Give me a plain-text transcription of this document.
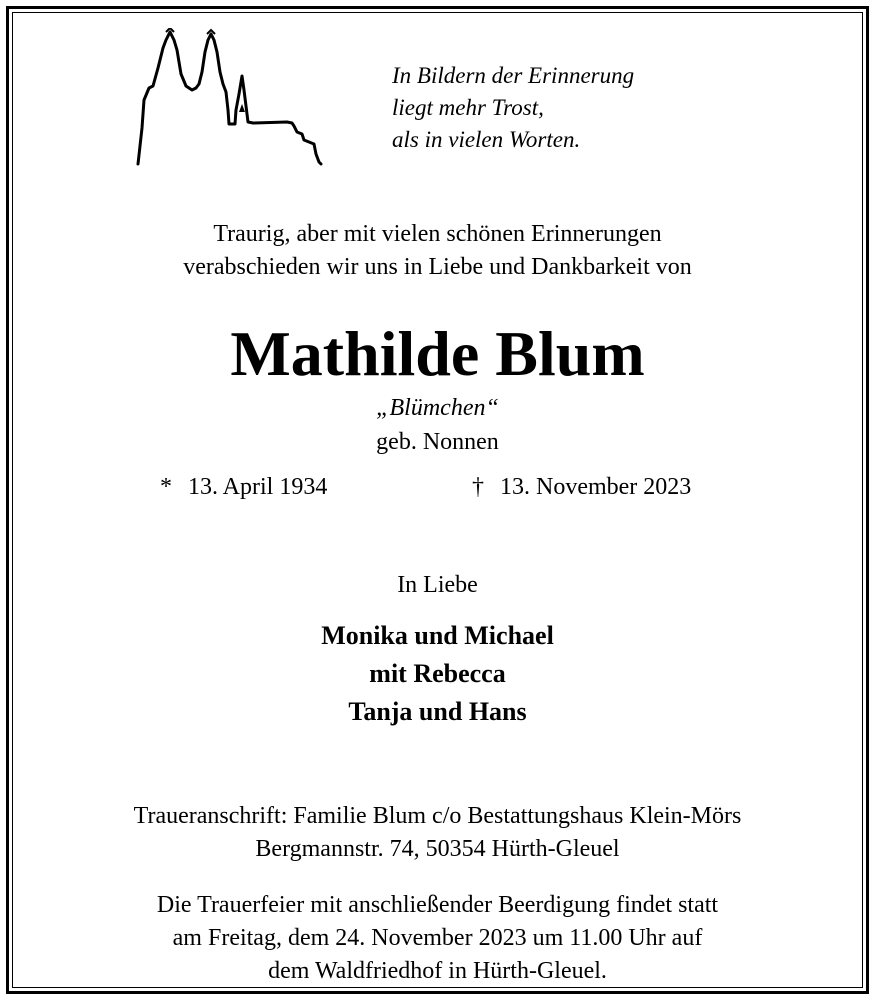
In Bildern der Erinnerung
liegt mehr Trost,
als in vielen Worten.
Traurig, aber mit vielen schönen Erinnerungen
verabschieden wir uns in Liebe und Dankbarkeit von
Mathilde Blum
„Blümchen“
geb. Nonnen
* 13. April 1934	† 13. November 2023
In Liebe
Monika und Michael
mit Rebecca
Tanja und Hans
Traueranschrift: Familie Blum c/o Bestattungshaus Klein-Mörs
Bergmannstr. 74, 50354 Hürth-Gleuel
Die Trauerfeier mit anschließender Beerdigung findet statt
am Freitag, dem 24. November 2023 um 11.00 Uhr auf
dem Waldfriedhof in Hürth-Gleuel.
